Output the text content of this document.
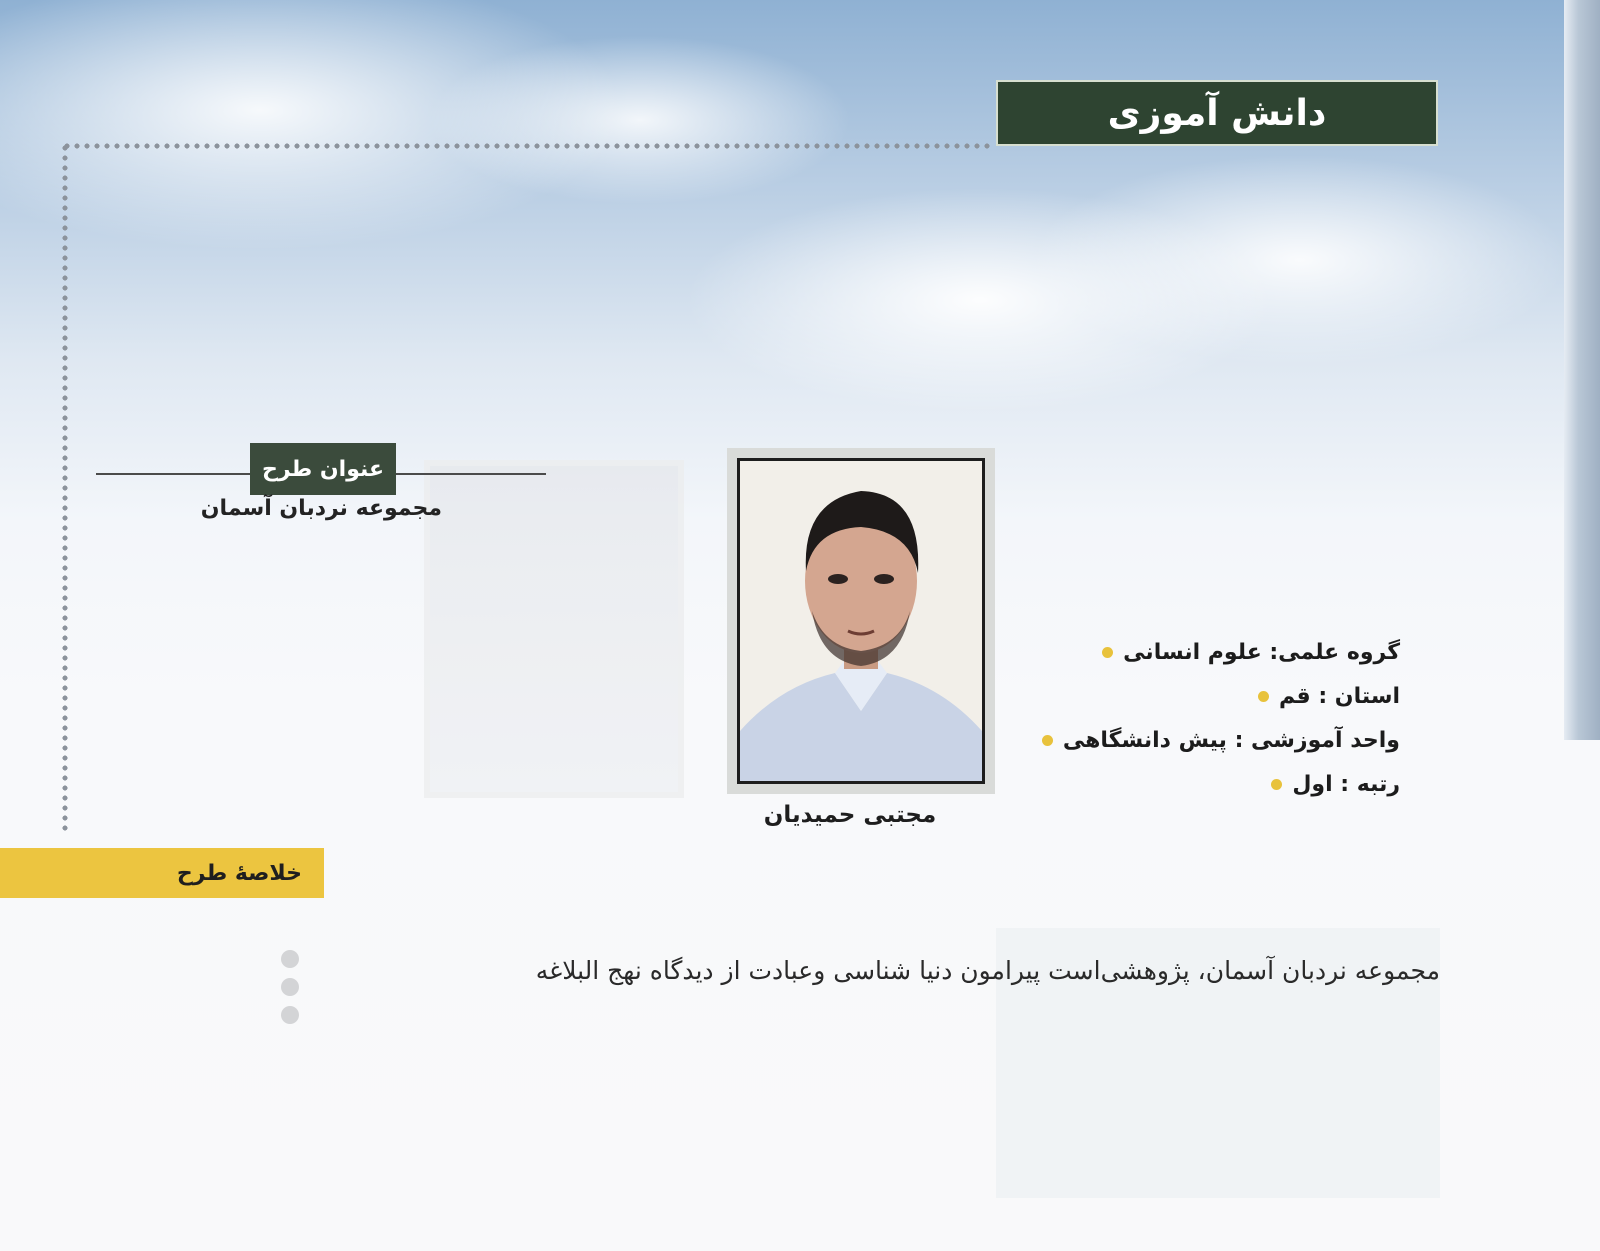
دانش آموزی
عنوان طرح
مجموعه نردبان آسمان
مجتبی حمیدیان
گروه علمی: علوم انسانی
استان : قم
واحد آموزشی : پیش دانشگاهی
رتبه : اول
خلاصهٔ طرح
مجموعه نردبان آسمان، پژوهشی‌است پیرامون دنیا شناسی وعبادت از دیدگاه نهج البلاغه
